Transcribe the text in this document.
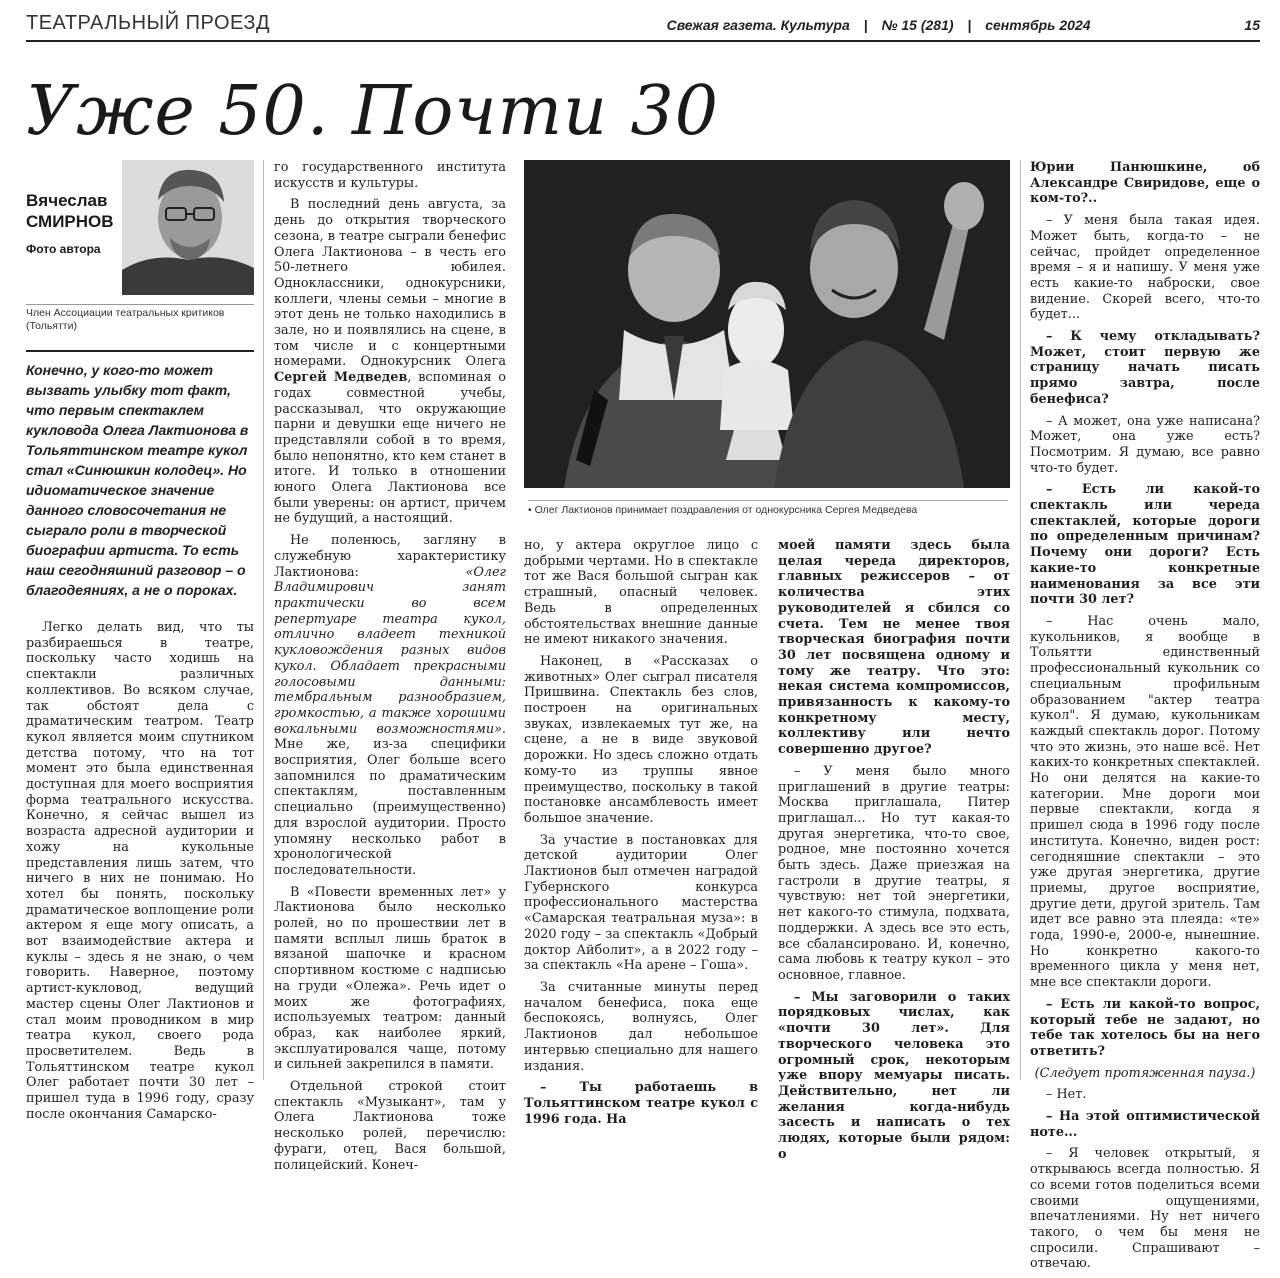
ТЕАТРАЛЬНЫЙ ПРОЕЗД	Свежая газета. Культура | № 15 (281) | сентябрь 2024	15
Уже 50. Почти 30
Вячеслав
СМИРНОВ
Фото автора
Член Ассоциации театральных критиков (Тольятти)
Конечно, у кого-то может вызвать улыбку тот факт, что первым спектаклем кукловода Олега Лактионова в Тольяттинском театре кукол стал «Синюшкин колодец». Но идиоматическое значение данного словосочетания не сыграло роли в творческой биографии артиста. То есть наш сегодняшний разговор – о благодеяниях, а не о пороках.

Легко делать вид, что ты разбираешься в театре, поскольку часто ходишь на спектакли различных коллективов. Во всяком случае, так обстоят дела с драматическим театром. Театр кукол является моим спутником детства потому, что на тот момент это была единственная доступная для моего восприятия форма театрального искусства. Конечно, я сейчас вышел из возраста адресной аудитории и хожу на кукольные представления лишь затем, что ничего в них не понимаю. Но хотел бы понять, поскольку драматическое воплощение роли актером я еще могу описать, а вот взаимодействие актера и куклы – здесь я не знаю, о чем говорить. Наверное, поэтому артист-кукловод, ведущий мастер сцены Олег Лактионов и стал моим проводником в мир театра кукол, своего рода просветителем. Ведь в Тольяттинском театре кукол Олег работает почти 30 лет – пришел туда в 1996 году, сразу после окончания Самарско-

го государственного института искусств и культуры.

В последний день августа, за день до открытия творческого сезона, в театре сыграли бенефис Олега Лактионова – в честь его 50-летнего юбилея. Одноклассники, однокурсники, коллеги, члены семьи – многие в этот день не только находились в зале, но и появлялись на сцене, в том числе и с концертными номерами. Однокурсник Олега Сергей Медведев, вспоминая о годах совместной учебы, рассказывал, что окружающие парни и девушки еще ничего не представляли собой в то время, было непонятно, кто кем станет в итоге. И только в отношении юного Олега Лактионова все были уверены: он артист, причем не будущий, а настоящий.

Не поленюсь, загляну в служебную характеристику Лактионова: «Олег Владимирович занят практически во всем репертуаре театра кукол, отлично владеет техникой кукловождения разных видов кукол. Обладает прекрасными голосовыми данными: тембральным разнообразием, громкостью, а также хорошими вокальными возможностями». Мне же, из-за специфики восприятия, Олег больше всего запомнился по драматическим спектаклям, поставленным специально (преимущественно) для взрослой аудитории. Просто упомяну несколько работ в хронологической последовательности.

В «Повести временных лет» у Лактионова было несколько ролей, но по прошествии лет в памяти всплыл лишь браток в вязаной шапочке и красном спортивном костюме с надписью на груди «Олежа». Речь идет о моих же фотографиях, используемых театром: данный образ, как наиболее яркий, эксплуатировался чаще, потому и сильней закрепился в памяти.

Отдельной строкой стоит спектакль «Музыкант», там у Олега Лактионова тоже несколько ролей, перечислю: фураги, отец, Вася большой, полицейский. Конеч-

• Олег Лактионов принимает поздравления от однокурсника Сергея Медведева

но, у актера округлое лицо с добрыми чертами. Но в спектакле тот же Вася большой сыгран как страшный, опасный человек. Ведь в определенных обстоятельствах внешние данные не имеют никакого значения.

Наконец, в «Рассказах о животных» Олег сыграл писателя Пришвина. Спектакль без слов, построен на оригинальных звуках, извлекаемых тут же, на сцене, а не в виде звуковой дорожки. Но здесь сложно отдать кому-то из труппы явное преимущество, поскольку в такой постановке ансамблевость имеет большое значение.

За участие в постановках для детской аудитории Олег Лактионов был отмечен наградой Губернского конкурса профессионального мастерства «Самарская театральная муза»: в 2020 году – за спектакль «Добрый доктор Айболит», а в 2022 году – за спектакль «На арене – Гоша».

За считанные минуты перед началом бенефиса, пока еще беспокоясь, волнуясь, Олег Лактионов дал небольшое интервью специально для нашего издания.

– Ты работаешь в Тольяттинском театре кукол с 1996 года. На

моей памяти здесь была целая череда директоров, главных режиссеров – от количества этих руководителей я сбился со счета. Тем не менее твоя творческая биография почти 30 лет посвящена одному и тому же театру. Что это: некая система компромиссов, привязанность к какому-то конкретному месту, коллективу или нечто совершенно другое?

– У меня было много приглашений в другие театры: Москва приглашала, Питер приглашал... Но тут какая-то другая энергетика, что-то свое, родное, мне постоянно хочется быть здесь. Даже приезжая на гастроли в другие театры, я чувствую: нет той энергетики, нет какого-то стимула, подхвата, поддержки. А здесь все это есть, все сбалансировано. И, конечно, сама любовь к театру кукол – это основное, главное.

– Мы заговорили о таких порядковых числах, как «почти 30 лет». Для творческого человека это огромный срок, некоторым уже впору мемуары писать. Действительно, нет ли желания когда-нибудь засесть и написать о тех людях, которые были рядом: о

Юрии Панюшкине, об Александре Свиридове, еще о ком-то?..

– У меня была такая идея. Может быть, когда-то – не сейчас, пройдет определенное время – я и напишу. У меня уже есть какие-то наброски, свое видение. Скорей всего, что-то будет...

– К чему откладывать? Может, стоит первую же страницу начать писать прямо завтра, после бенефиса?

– А может, она уже написана? Может, она уже есть? Посмотрим. Я думаю, все равно что-то будет.

– Есть ли какой-то спектакль или череда спектаклей, которые дороги по определенным причинам? Почему они дороги? Есть какие-то конкретные наименования за все эти почти 30 лет?

– Нас очень мало, кукольников, я вообще в Тольятти единственный профессиональный кукольник со специальным профильным образованием "актер театра кукол". Я думаю, кукольникам каждый спектакль дорог. Потому что это жизнь, это наше всё. Нет каких-то конкретных спектаклей. Но они делятся на какие-то категории. Мне дороги мои первые спектакли, когда я пришел сюда в 1996 году после института. Конечно, виден рост: сегодняшние спектакли – это уже другая энергетика, другие приемы, другое восприятие, другие дети, другой зритель. Там идет все равно эта плеяда: «те» года, 1990-е, 2000-е, нынешние. Но конкретно какого-то временного цикла у меня нет, мне все спектакли дороги.

– Есть ли какой-то вопрос, который тебе не задают, но тебе так хотелось бы на него ответить?

(Следует протяженная пауза.)

– Нет.

– На этой оптимистической ноте...

– Я человек открытый, я открываюсь всегда полностью. Я со всеми готов поделиться всеми своими ощущениями, впечатлениями. Ну нет ничего такого, о чем бы меня не спросили. Спрашивают – отвечаю.
